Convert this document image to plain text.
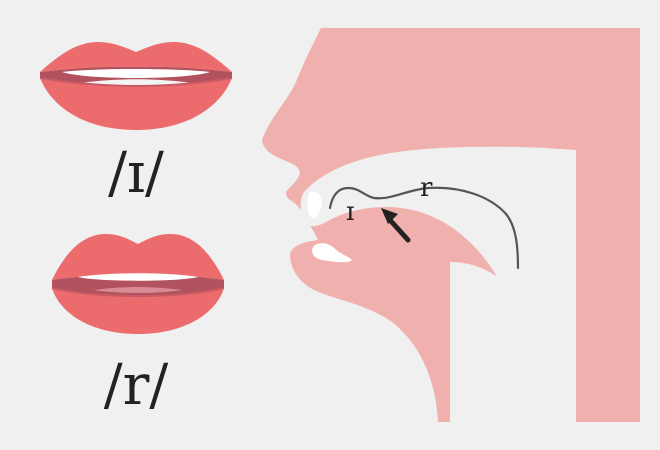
/ɪ/
/r/
ɪ
r
